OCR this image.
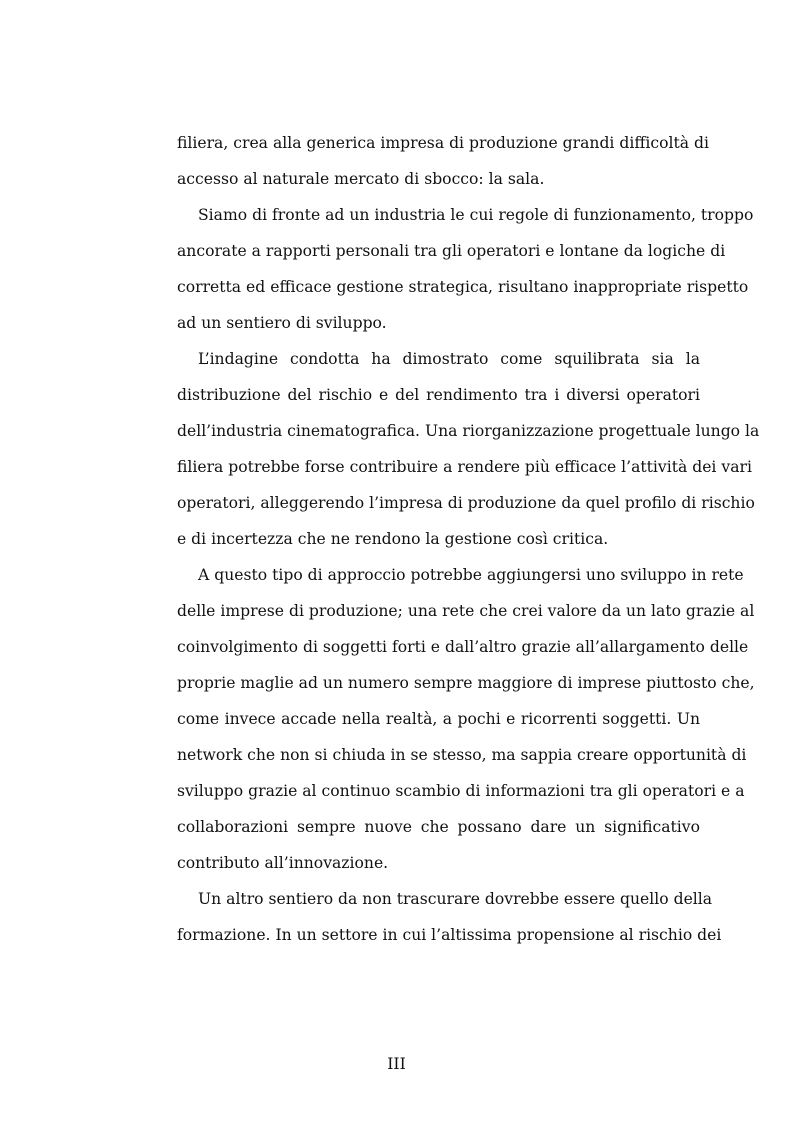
filiera, crea alla generica impresa di produzione grandi difficoltà di
accesso al naturale mercato di sbocco: la sala.
Siamo di fronte ad un industria le cui regole di funzionamento, troppo
ancorate a rapporti personali tra gli operatori e lontane da logiche di
corretta ed efficace gestione strategica, risultano inappropriate rispetto
ad un sentiero di sviluppo.
L’indagine condotta ha dimostrato come squilibrata sia la
distribuzione del rischio e del rendimento tra i diversi operatori
dell’industria cinematografica. Una riorganizzazione progettuale lungo la
filiera potrebbe forse contribuire a rendere più efficace l’attività dei vari
operatori, alleggerendo l’impresa di produzione da quel profilo di rischio
e di incertezza che ne rendono la gestione così critica.
A questo tipo di approccio potrebbe aggiungersi uno sviluppo in rete
delle imprese di produzione; una rete che crei valore da un lato grazie al
coinvolgimento di soggetti forti e dall’altro grazie all’allargamento delle
proprie maglie ad un numero sempre maggiore di imprese piuttosto che,
come invece accade nella realtà, a pochi e ricorrenti soggetti. Un
network che non si chiuda in se stesso, ma sappia creare opportunità di
sviluppo grazie al continuo scambio di informazioni tra gli operatori e a
collaborazioni sempre nuove che possano dare un significativo
contributo all’innovazione.
Un altro sentiero da non trascurare dovrebbe essere quello della
formazione. In un settore in cui l’altissima propensione al rischio dei
III
